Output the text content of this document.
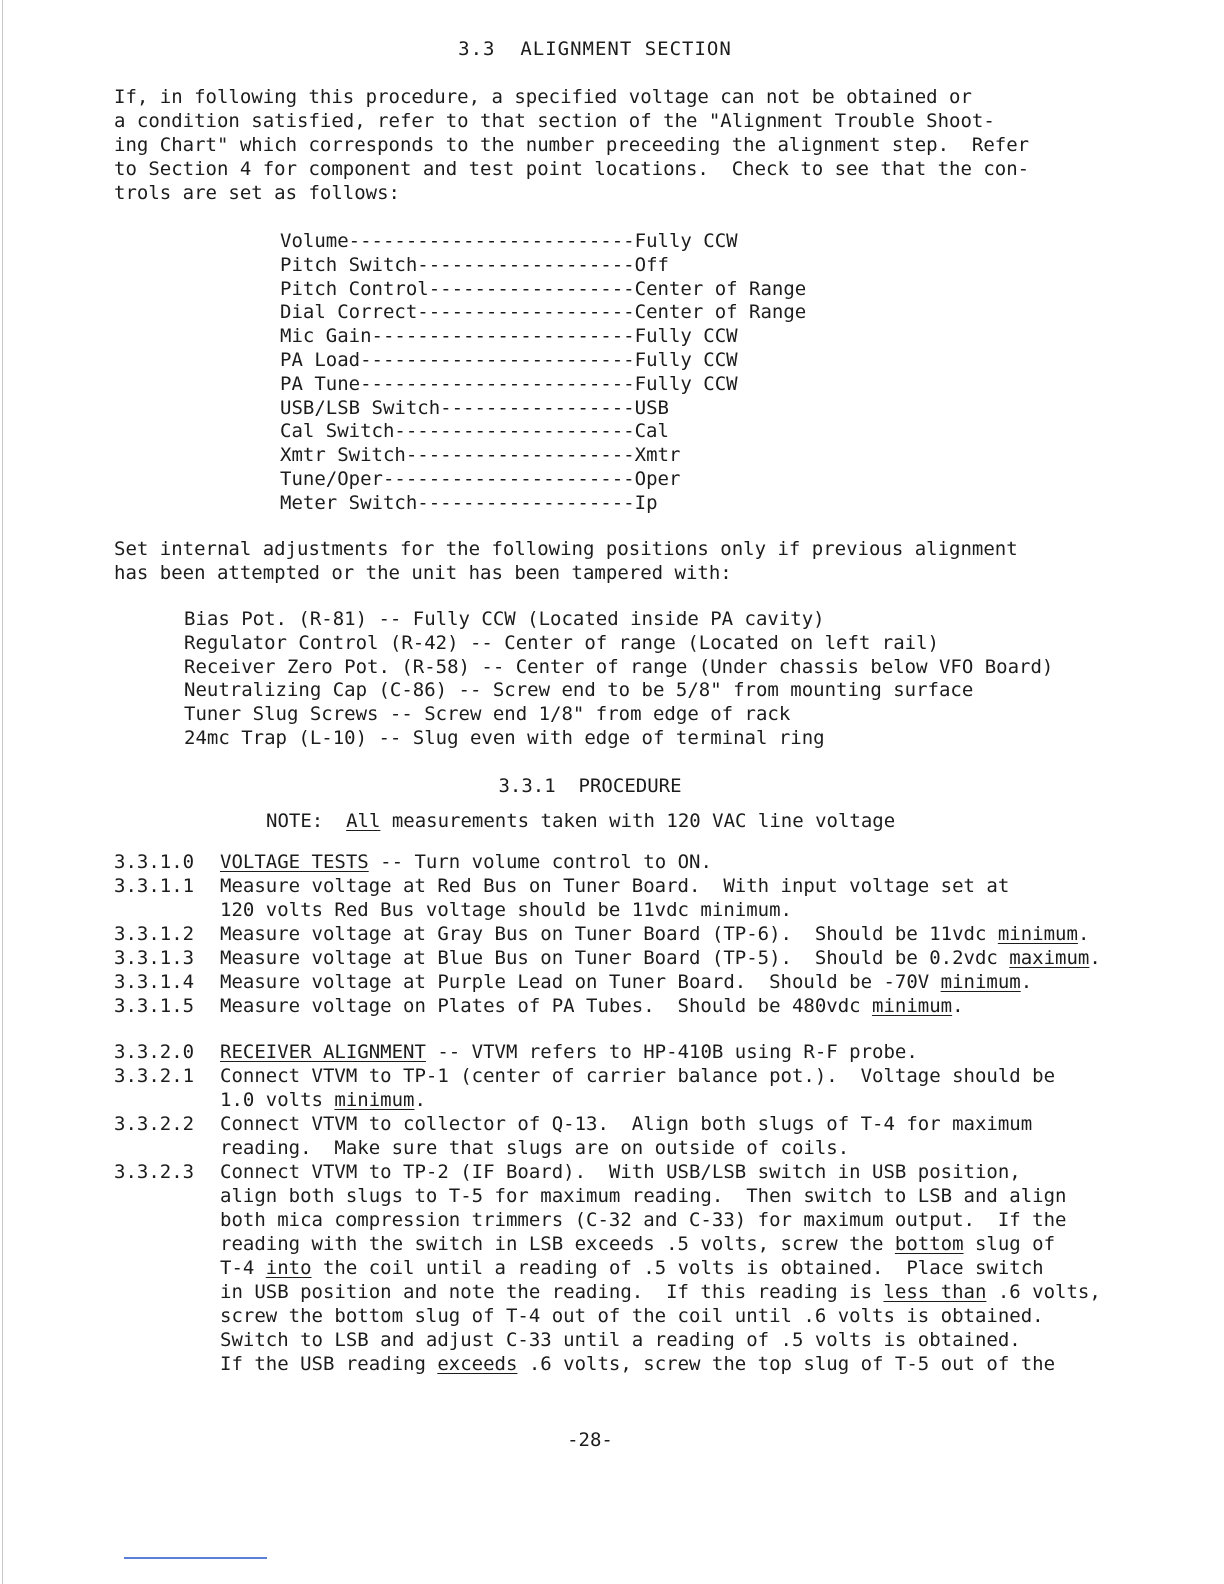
3.3  ALIGNMENT SECTION
If, in following this procedure, a specified voltage can not be obtained or
a condition satisfied, refer to that section of the "Alignment Trouble Shoot-
ing Chart" which corresponds to the number preceeding the alignment step.  Refer
to Section 4 for component and test point locations.  Check to see that the con-
trols are set as follows:
Volume-------------------------Fully CCW
Pitch Switch-------------------Off
Pitch Control------------------Center of Range
Dial Correct-------------------Center of Range
Mic Gain-----------------------Fully CCW
PA Load------------------------Fully CCW
PA Tune------------------------Fully CCW
USB/LSB Switch-----------------USB
Cal Switch---------------------Cal
Xmtr Switch--------------------Xmtr
Tune/Oper----------------------Oper
Meter Switch-------------------Ip
Set internal adjustments for the following positions only if previous alignment
has been attempted or the unit has been tampered with:
Bias Pot. (R-81) -- Fully CCW (Located inside PA cavity)
Regulator Control (R-42) -- Center of range (Located on left rail)
Receiver Zero Pot. (R-58) -- Center of range (Under chassis below VFO Board)
Neutralizing Cap (C-86) -- Screw end to be 5/8" from mounting surface
Tuner Slug Screws -- Screw end 1/8" from edge of rack
24mc Trap (L-10) -- Slug even with edge of terminal ring
3.3.1  PROCEDURE
NOTE:  All measurements taken with 120 VAC line voltage
3.3.1.0 VOLTAGE TESTS -- Turn volume control to ON.
3.3.1.1 Measure voltage at Red Bus on Tuner Board.  With input voltage set at
120 volts Red Bus voltage should be 11vdc minimum.
3.3.1.2 Measure voltage at Gray Bus on Tuner Board (TP-6).  Should be 11vdc minimum.
3.3.1.3 Measure voltage at Blue Bus on Tuner Board (TP-5).  Should be 0.2vdc maximum.
3.3.1.4 Measure voltage at Purple Lead on Tuner Board.  Should be -70V minimum.
3.3.1.5 Measure voltage on Plates of PA Tubes.  Should be 480vdc minimum.
3.3.2.0 RECEIVER ALIGNMENT -- VTVM refers to HP-410B using R-F probe.
3.3.2.1 Connect VTVM to TP-1 (center of carrier balance pot.).  Voltage should be
1.0 volts minimum.
3.3.2.2 Connect VTVM to collector of Q-13.  Align both slugs of T-4 for maximum
reading.  Make sure that slugs are on outside of coils.
3.3.2.3 Connect VTVM to TP-2 (IF Board).  With USB/LSB switch in USB position,
align both slugs to T-5 for maximum reading.  Then switch to LSB and align
both mica compression trimmers (C-32 and C-33) for maximum output.  If the
reading with the switch in LSB exceeds .5 volts, screw the bottom slug of
T-4 into the coil until a reading of .5 volts is obtained.  Place switch
in USB position and note the reading.  If this reading is less than .6 volts,
screw the bottom slug of T-4 out of the coil until .6 volts is obtained.
Switch to LSB and adjust C-33 until a reading of .5 volts is obtained.
If the USB reading exceeds .6 volts, screw the top slug of T-5 out of the
-28-
